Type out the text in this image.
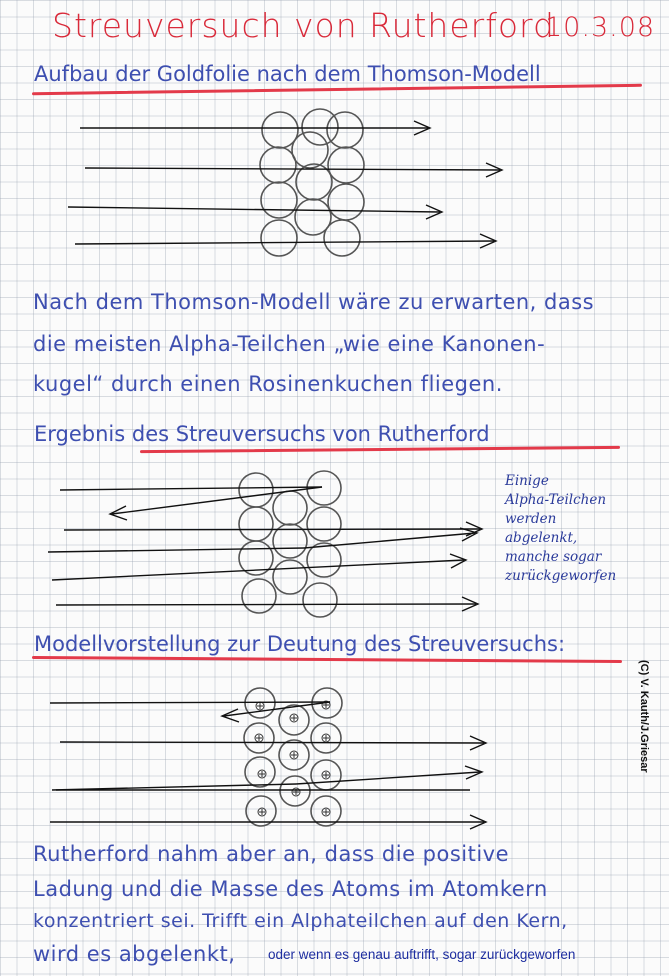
Streuversuch von Rutherford
10.3.08
Aufbau der Goldfolie nach dem Thomson-Modell
Nach dem Thomson-Modell wäre zu erwarten, dass
die meisten Alpha-Teilchen „wie eine Kanonen-
kugel“ durch einen Rosinenkuchen fliegen.
Ergebnis des Streuversuchs von Rutherford
Einige
Alpha-Teilchen
werden
abgelenkt,
manche sogar
zurückgeworfen
Modellvorstellung zur Deutung des Streuversuchs:
Rutherford nahm aber an, dass die positive
Ladung und die Masse des Atoms im Atomkern
konzentriert sei. Trifft ein Alphateilchen auf den Kern,
wird es abgelenkt, oder wenn es genau auftrifft, sogar zurückgeworfen
(C) V. Kauth/J.Griesar
